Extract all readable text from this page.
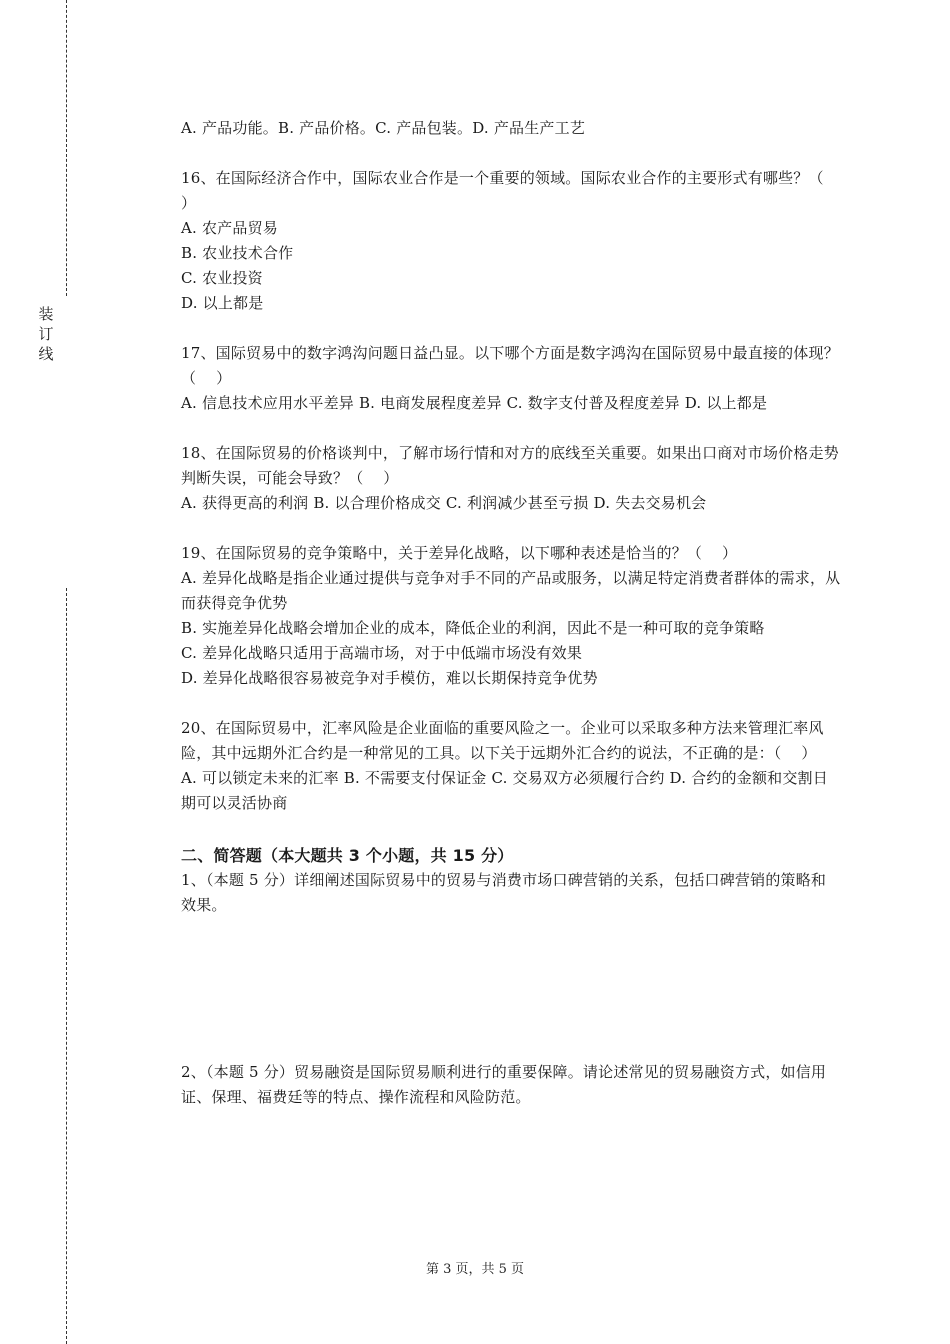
装
订
线
A. 产品功能。B. 产品价格。C. 产品包装。D. 产品生产工艺
16、在国际经济合作中，国际农业合作是一个重要的领域。国际农业合作的主要形式有哪些？（    ）
A. 农产品贸易
B. 农业技术合作
C. 农业投资
D. 以上都是
17、国际贸易中的数字鸿沟问题日益凸显。以下哪个方面是数字鸿沟在国际贸易中最直接的体现？（    ）
A. 信息技术应用水平差异 B. 电商发展程度差异 C. 数字支付普及程度差异 D. 以上都是
18、在国际贸易的价格谈判中，了解市场行情和对方的底线至关重要。如果出口商对市场价格走势判断失误，可能会导致？（    ）
A. 获得更高的利润 B. 以合理价格成交 C. 利润减少甚至亏损 D. 失去交易机会
19、在国际贸易的竞争策略中，关于差异化战略，以下哪种表述是恰当的？（    ）
A. 差异化战略是指企业通过提供与竞争对手不同的产品或服务，以满足特定消费者群体的需求，从而获得竞争优势
B. 实施差异化战略会增加企业的成本，降低企业的利润，因此不是一种可取的竞争策略
C. 差异化战略只适用于高端市场，对于中低端市场没有效果
D. 差异化战略很容易被竞争对手模仿，难以长期保持竞争优势
20、在国际贸易中，汇率风险是企业面临的重要风险之一。企业可以采取多种方法来管理汇率风险，其中远期外汇合约是一种常见的工具。以下关于远期外汇合约的说法，不正确的是：（    ）
A. 可以锁定未来的汇率 B. 不需要支付保证金 C. 交易双方必须履行合约 D. 合约的金额和交割日期可以灵活协商
二、简答题（本大题共 3 个小题，共 15 分）
1、（本题 5 分）详细阐述国际贸易中的贸易与消费市场口碑营销的关系，包括口碑营销的策略和效果。
2、（本题 5 分）贸易融资是国际贸易顺利进行的重要保障。请论述常见的贸易融资方式，如信用证、保理、福费廷等的特点、操作流程和风险防范。
第 3 页，共 5 页
